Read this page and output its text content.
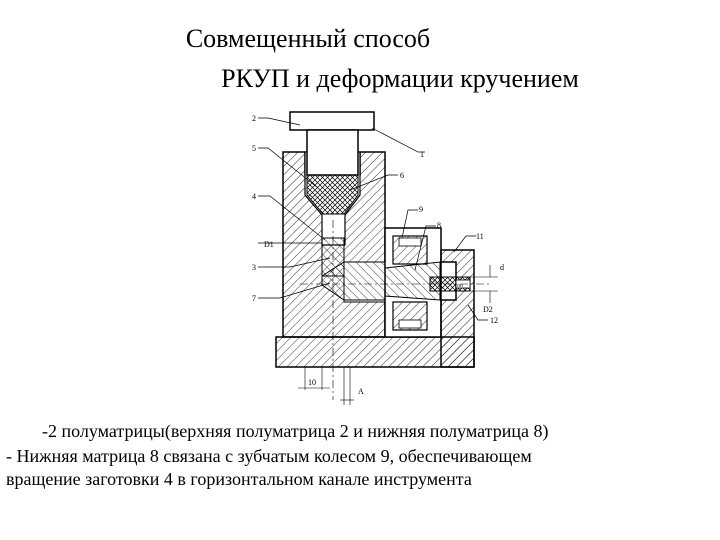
Совмещенный способ
РКУП и деформации кручением
oo
2
1
5
6
4
9
8
D1
11
3	d
D2
7
12
10
A
-2 полуматрицы(верхняя полуматрица 2 и нижняя полуматрица 8)
- Нижняя матрица 8 связана с зубчатым колесом 9, обеспечивающем
вращение заготовки 4 в горизонтальном канале инструмента
